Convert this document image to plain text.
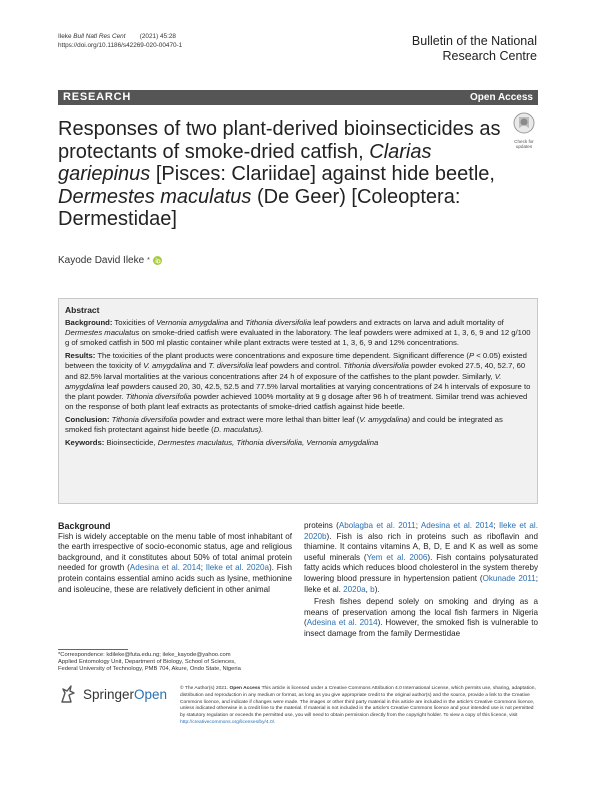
Ileke Bull Natl Res Cent (2021) 45:28
https://doi.org/10.1186/s42269-020-00470-1	Bulletin of the National
Research Centre
RESEARCH	Open Access
Responses of two plant-derived bioinsecticides as protectants of smoke-dried catfish, Clarias gariepinus [Pisces: Clariidae] against hide beetle, Dermestes maculatus (De Geer) [Coleoptera: Dermestidae]
Check for
updates
Kayode David Ileke *
Abstract

Background: Toxicities of Vernonia amygdalina and Tithonia diversifolia leaf powders and extracts on larva and adult mortality of Dermestes maculatus on smoke-dried catfish were evaluated in the laboratory. The leaf powders were admixed at 1, 3, 6, 9 and 12 g/100 g of smoked catfish in 500 ml plastic container while plant extracts were tested at 1, 3, 6, 9 and 12% concentrations.

Results: The toxicities of the plant products were concentrations and exposure time dependent. Significant difference (P < 0.05) existed between the toxicity of V. amygdalina and T. diversifolia leaf powders and control. Tithonia diversifolia powder evoked 27.5, 40, 52.7, 60 and 82.5% larval mortalities at the various concentrations after 24 h of exposure of the catfishes to the plant powder. Similarly, V. amygdalina leaf powders caused 20, 30, 42.5, 52.5 and 77.5% larval mortalities at varying concentrations of 24 h intervals of exposure to the plant powder. Tithonia diversifolia powder achieved 100% mortality at 9 g dosage after 96 h of treatment. Similar trend was achieved on the response of both plant leaf extracts as protectants of smoke-dried catfish against hide beetle.

Conclusion: Tithonia diversifolia powder and extract were more lethal than bitter leaf (V. amygdalina) and could be integrated as smoked fish protectant against hide beetle (D. maculatus).

Keywords: Bioinsecticide, Dermestes maculatus, Tithonia diversifolia, Vernonia amygdalina

Background

Fish is widely acceptable on the menu table of most inhabitant of the earth irrespective of socio-economic status, age and religious background, and it constitutes about 50% of total animal protein needed for growth (Adesina et al. 2014; Ileke et al. 2020a). Fish protein contains essential amino acids such as lysine, methionine and isoleucine, these are relatively deficient in other animal

proteins (Abolagba et al. 2011; Adesina et al. 2014; Ileke et al. 2020b). Fish is also rich in proteins such as riboflavin and thiamine. It contains vitamins A, B, D, E and K as well as some useful minerals (Yem et al. 2006). Fish contains polysaturated fatty acids which reduces blood cholesterol in the system thereby lowering blood pressure in hypertension patient (Okunade 2011; Ileke et al. 2020a, b).

Fresh fishes depend solely on smoking and drying as a means of preservation among the local fish farmers in Nigeria (Adesina et al. 2014). However, the smoked fish is vulnerable to insect damage from the family Dermestidae

*Correspondence: kdileke@futa.edu.ng; ileke_kayode@yahoo.com

Applied Entomology Unit, Department of Biology, School of Sciences,

Federal University of Technology, PMB 704, Akure, Ondo State, Nigeria

SpringerOpen	© The Author(s) 2021. Open Access This article is licensed under a Creative Commons Attribution 4.0 International License, which permits use, sharing, adaptation, distribution and reproduction in any medium or format, as long as you give appropriate credit to the original author(s) and the source, provide a link to the Creative Commons licence, and indicate if changes were made. The images or other third party material in this article are included in the article's Creative Commons licence, unless indicated otherwise in a credit line to the material. If material is not included in the article's Creative Commons licence and your intended use is not permitted by statutory regulation or exceeds the permitted use, you will need to obtain permission directly from the copyright holder. To view a copy of this licence, visit http://creativecommons.org/licenses/by/4.0/.
